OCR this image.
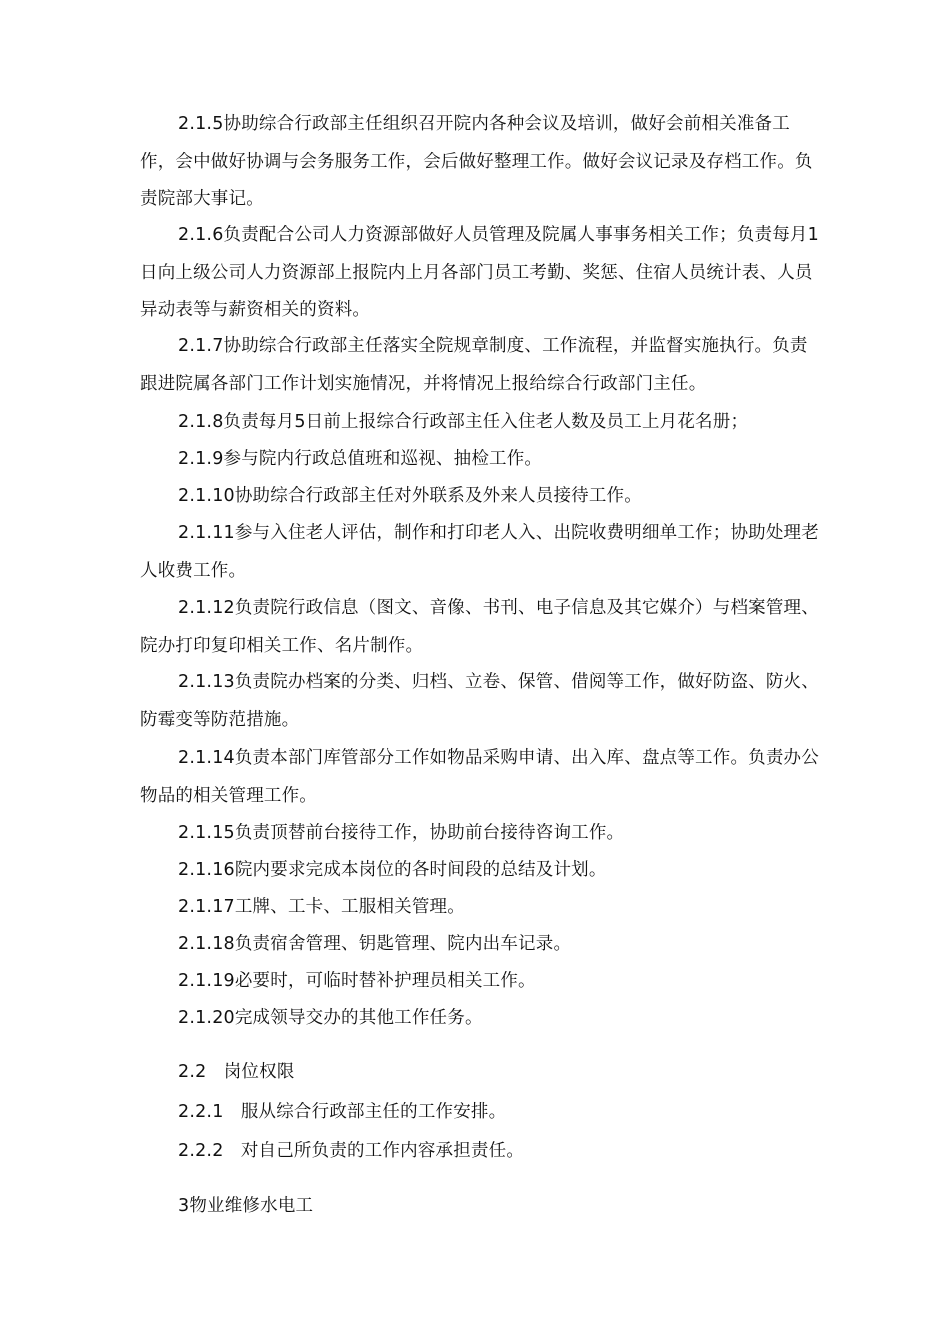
2.1.5协助综合行政部主任组织召开院内各种会议及培训，做好会前相关准备工作，会中做好协调与会务服务工作，会后做好整理工作。做好会议记录及存档工作。负责院部大事记。

2.1.6负责配合公司人力资源部做好人员管理及院属人事事务相关工作；负责每月1日向上级公司人力资源部上报院内上月各部门员工考勤、奖惩、住宿人员统计表、人员异动表等与薪资相关的资料。

2.1.7协助综合行政部主任落实全院规章制度、工作流程，并监督实施执行。负责跟进院属各部门工作计划实施情况，并将情况上报给综合行政部门主任。

2.1.8负责每月5日前上报综合行政部主任入住老人数及员工上月花名册；

2.1.9参与院内行政总值班和巡视、抽检工作。

2.1.10协助综合行政部主任对外联系及外来人员接待工作。

2.1.11参与入住老人评估，制作和打印老人入、出院收费明细单工作；协助处理老人收费工作。

2.1.12负责院行政信息（图文、音像、书刊、电子信息及其它媒介）与档案管理、院办打印复印相关工作、名片制作。

2.1.13负责院办档案的分类、归档、立卷、保管、借阅等工作，做好防盗、防火、防霉变等防范措施。

2.1.14负责本部门库管部分工作如物品采购申请、出入库、盘点等工作。负责办公物品的相关管理工作。

2.1.15负责顶替前台接待工作，协助前台接待咨询工作。

2.1.16院内要求完成本岗位的各时间段的总结及计划。

2.1.17工牌、工卡、工服相关管理。

2.1.18负责宿舍管理、钥匙管理、院内出车记录。

2.1.19必要时，可临时替补护理员相关工作。

2.1.20完成领导交办的其他工作任务。

2.2   岗位权限

2.2.1   服从综合行政部主任的工作安排。

2.2.2   对自己所负责的工作内容承担责任。

3物业维修水电工
